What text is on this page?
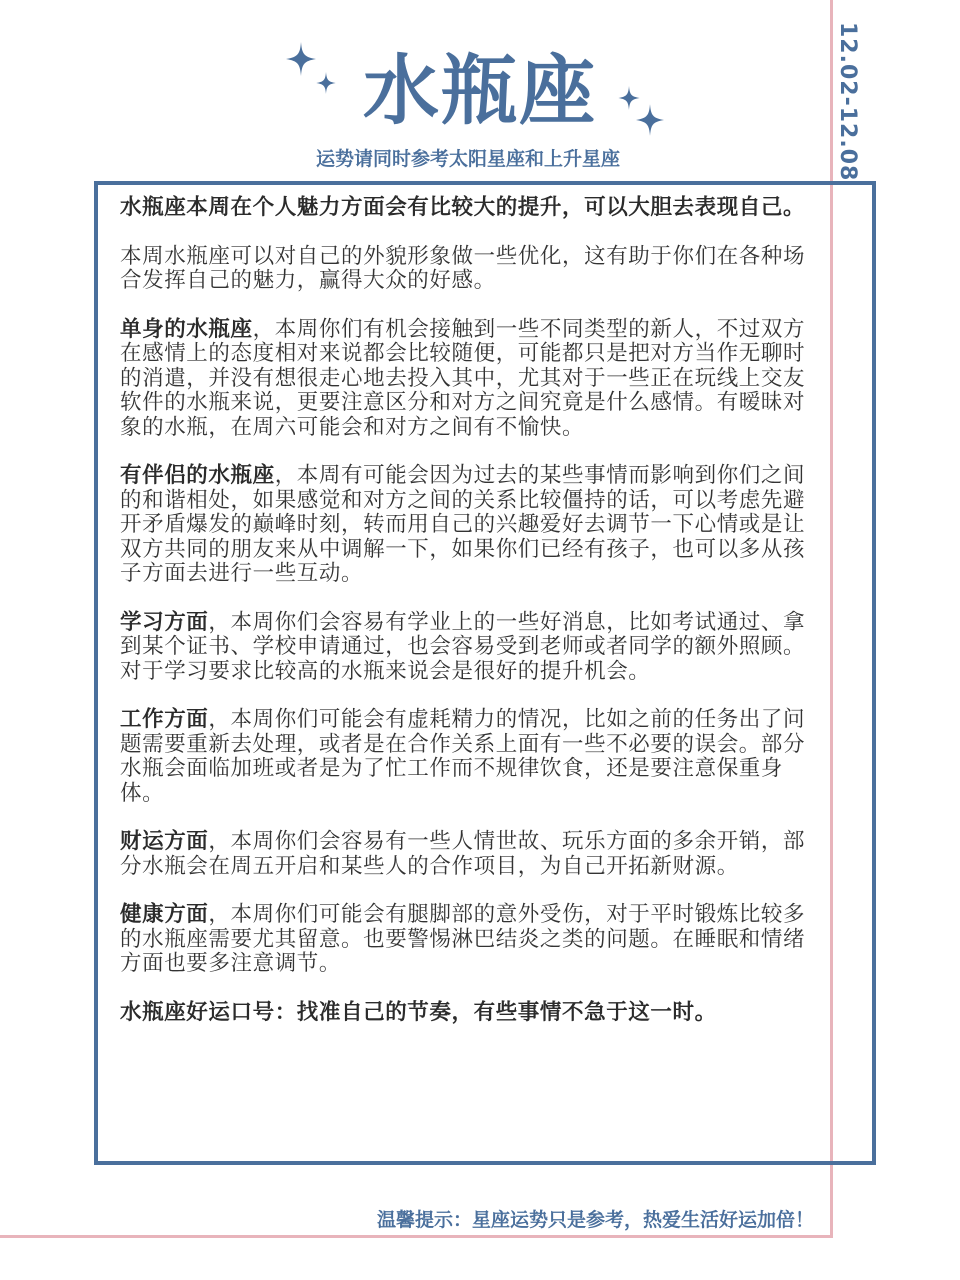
水瓶座
运势请同时参考太阳星座和上升星座	12.02-12.08

水瓶座本周在个人魅力方面会有比较大的提升，可以大胆去表现自己。

本周水瓶座可以对自己的外貌形象做一些优化，这有助于你们在各种场合发挥自己的魅力，赢得大众的好感。

单身的水瓶座，本周你们有机会接触到一些不同类型的新人，不过双方在感情上的态度相对来说都会比较随便，可能都只是把对方当作无聊时的消遣，并没有想很走心地去投入其中，尤其对于一些正在玩线上交友软件的水瓶来说，更要注意区分和对方之间究竟是什么感情。有暧昧对象的水瓶，在周六可能会和对方之间有不愉快。

有伴侣的水瓶座，本周有可能会因为过去的某些事情而影响到你们之间的和谐相处，如果感觉和对方之间的关系比较僵持的话，可以考虑先避开矛盾爆发的巅峰时刻，转而用自己的兴趣爱好去调节一下心情或是让双方共同的朋友来从中调解一下，如果你们已经有孩子，也可以多从孩子方面去进行一些互动。

学习方面，本周你们会容易有学业上的一些好消息，比如考试通过、拿到某个证书、学校申请通过，也会容易受到老师或者同学的额外照顾。对于学习要求比较高的水瓶来说会是很好的提升机会。

工作方面，本周你们可能会有虚耗精力的情况，比如之前的任务出了问题需要重新去处理，或者是在合作关系上面有一些不必要的误会。部分水瓶会面临加班或者是为了忙工作而不规律饮食，还是要注意保重身体。

财运方面，本周你们会容易有一些人情世故、玩乐方面的多余开销，部分水瓶会在周五开启和某些人的合作项目，为自己开拓新财源。

健康方面，本周你们可能会有腿脚部的意外受伤，对于平时锻炼比较多的水瓶座需要尤其留意。也要警惕淋巴结炎之类的问题。在睡眠和情绪方面也要多注意调节。

水瓶座好运口号：找准自己的节奏，有些事情不急于这一时。

温馨提示：星座运势只是参考，热爱生活好运加倍！
